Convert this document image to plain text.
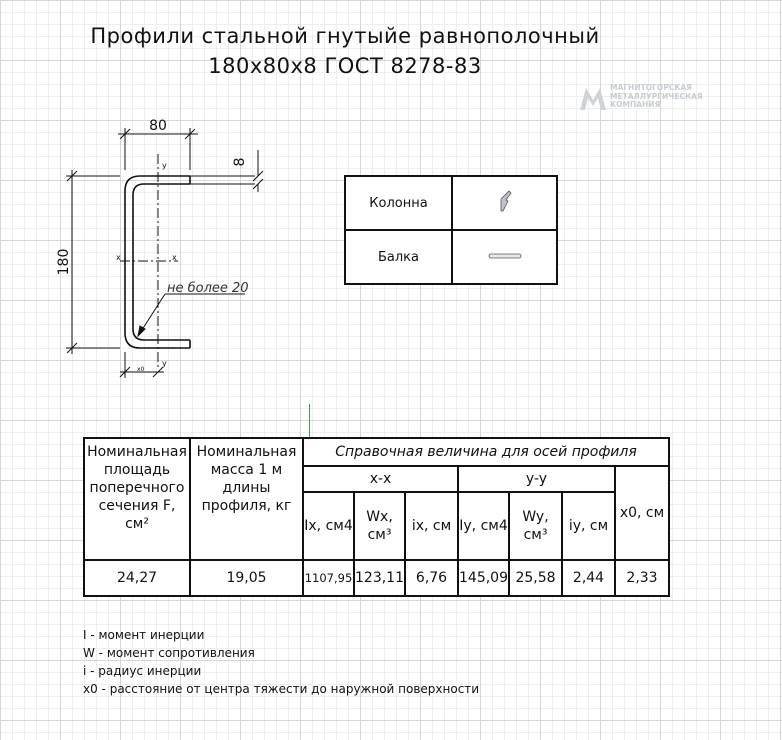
Профили стальной гнутыйе равнополочный
180x80x8 ГОСТ 8278-83
МАГНИТОГОРСКАЯ
МЕТАЛЛУРГИЧЕСКАЯ
КОМПАНИЯ
80
8
180
y
y
x	x
не более 20
x0
Колонна	
Балка	
Номинальная площадь поперечного сечения F, см²	Номинальная масса 1 м длины профиля, кг	Справочная величина для осей профиля						
		x-x			y-y			x0, см
		Ix, см4	Wx, см³	ix, см	Iy, см4	Wy, см³	iy, см	
24,27	19,05	1107,95	123,11	6,76	145,09	25,58	2,44	2,33
I - момент инерции
W - момент сопротивления
i - радиус инерции
x0 - расстояние от центра тяжести до наружной поверхности
